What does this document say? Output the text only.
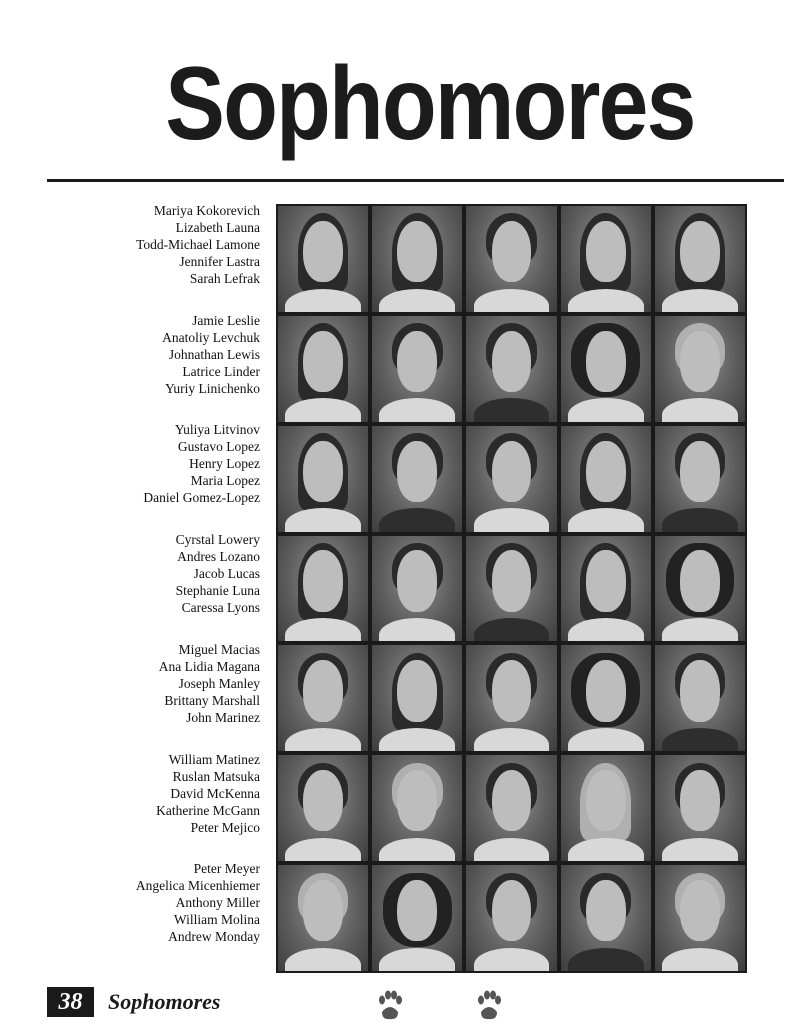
Sophomores
Mariya Kokorevich
Lizabeth Launa
Todd-Michael Lamone
Jennifer Lastra
Sarah Lefrak
Jamie Leslie
Anatoliy Levchuk
Johnathan Lewis
Latrice Linder
Yuriy Linichenko
Yuliya Litvinov
Gustavo Lopez
Henry Lopez
Maria Lopez
Daniel Gomez-Lopez
Cyrstal Lowery
Andres Lozano
Jacob Lucas
Stephanie Luna
Caressa Lyons
Miguel Macias
Ana Lidia Magana
Joseph Manley
Brittany Marshall
John Marinez
William Matinez
Ruslan Matsuka
David McKenna
Katherine McGann
Peter Mejico
Peter Meyer
Angelica Micenhiemer
Anthony Miller
William Molina
Andrew Monday
38	Sophomores
